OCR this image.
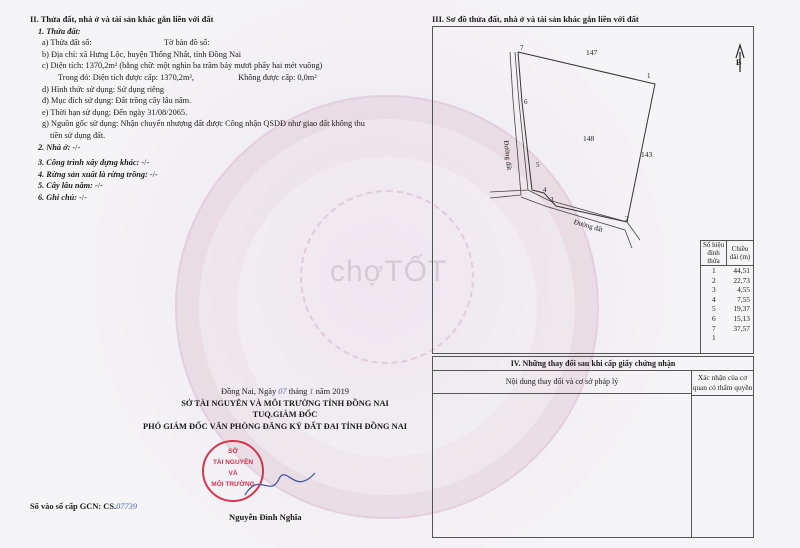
chợTỐT
II. Thửa đất, nhà ở và tài sản khác gắn liền với đất
1. Thửa đất:
a) Thửa đất số:	Tờ bản đồ số:
b) Địa chỉ: xã Hưng Lộc, huyện Thống Nhất, tỉnh Đồng Nai
c) Diện tích: 1370,2m² (bằng chữ: một nghìn ba trăm bảy mươi phẩy hai mét vuông)
Trong đó: Diện tích được cấp: 1370,2m²,	Không được cấp: 0,0m²
d) Hình thức sử dụng: Sử dụng riêng
đ) Mục đích sử dụng: Đất trồng cây lâu năm.
e) Thời hạn sử dụng: Đến ngày 31/08/2065.
g) Nguồn gốc sử dụng: Nhận chuyển nhượng đất được Công nhận QSDĐ như giao đất không thu
tiền sử dụng đất.
2. Nhà ở: -/-
3. Công trình xây dựng khác: -/-
4. Rừng sản xuất là rừng trồng: -/-
5. Cây lâu năm: -/-
6. Ghi chú: -/-
III. Sơ đồ thửa đất, nhà ở và tài sản khác gắn liền với đất
147
148
143
Đường đất
Đường đất
1
2
3
4
5
6
7
B
Số hiệu đỉnh thửa	Chiều dài (m)
1	44,51
2	22,73
3	4,55
4	7,55
5	19,37
6	15,13
7	37,57
1	
IV. Những thay đổi sau khi cấp giấy chứng nhận
Nội dung thay đổi và cơ sở pháp lý	Xác nhận của cơ quan có thẩm quyền
Đồng Nai, Ngày 07 tháng 1 năm 2019
SỞ TÀI NGUYÊN VÀ MÔI TRƯỜNG TỈNH ĐỒNG NAI
TUQ.GIÁM ĐỐC
PHÓ GIÁM ĐỐC VĂN PHÒNG ĐĂNG KÝ ĐẤT ĐAI TỈNH ĐỒNG NAI
SỞ
TÀI NGUYÊN
VÀ
MÔI TRƯỜNG
Số vào sổ cấp GCN: CS.07739
Nguyễn Đình Nghĩa
